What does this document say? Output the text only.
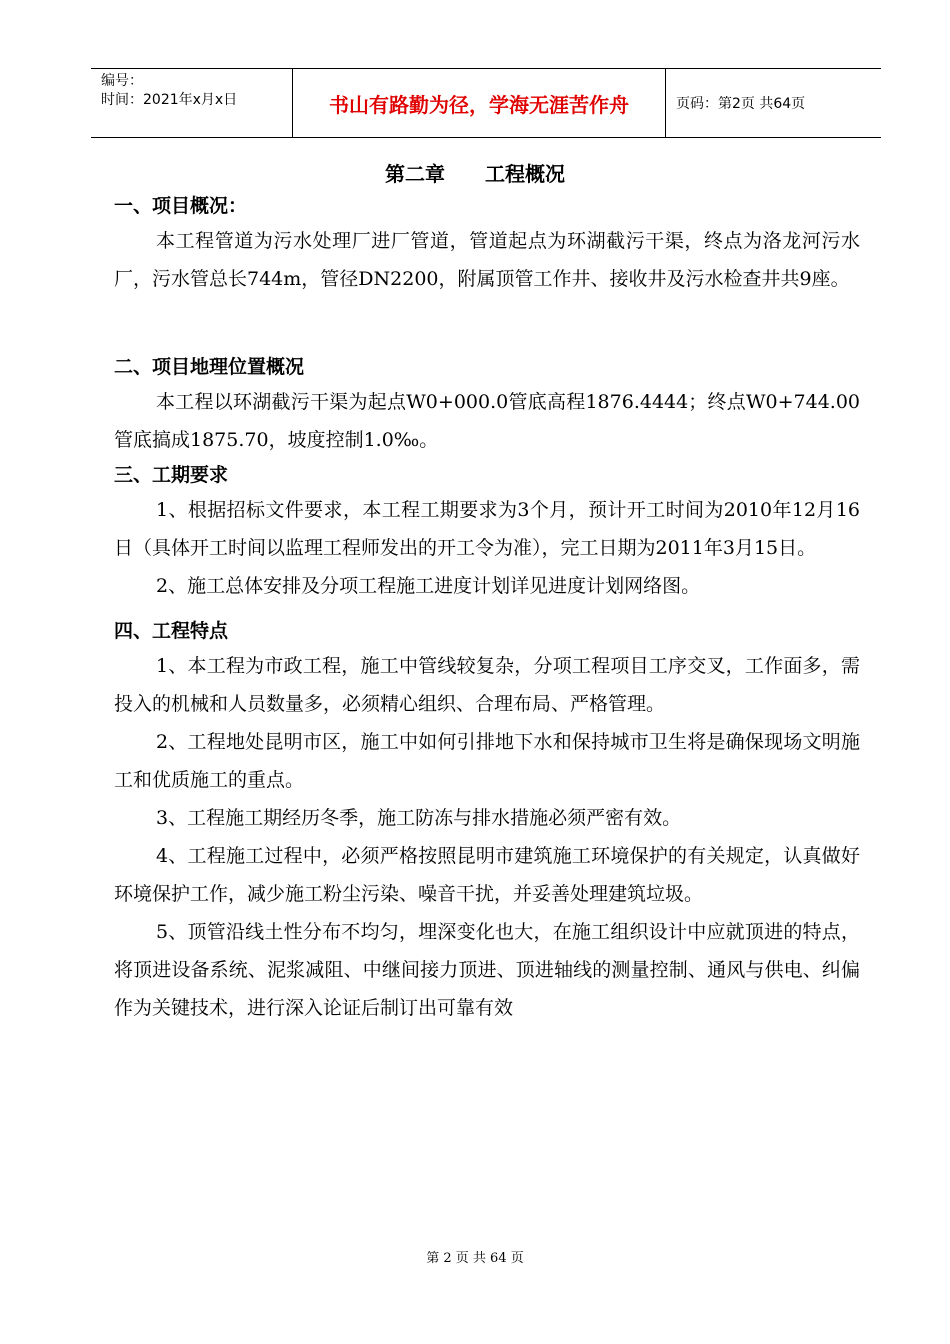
编号：
时间：2021年x月x日	书山有路勤为径，学海无涯苦作舟	页码：第2页 共64页
第二章 工程概况

一、项目概况：

本工程管道为污水处理厂进厂管道，管道起点为环湖截污干渠，终点为洛龙河污水厂，污水管总长744m，管径DN2200，附属顶管工作井、接收井及污水检查井共9座。

二、项目地理位置概况

本工程以环湖截污干渠为起点W0+000.0管底高程1876.4444；终点W0+744.00管底搞成1875.70，坡度控制1.0‰。

三、工期要求

1、根据招标文件要求，本工程工期要求为3个月，预计开工时间为2010年12月16日（具体开工时间以监理工程师发出的开工令为准），完工日期为2011年3月15日。

2、施工总体安排及分项工程施工进度计划详见进度计划网络图。

四、工程特点

1、本工程为市政工程，施工中管线较复杂，分项工程项目工序交叉，工作面多，需投入的机械和人员数量多，必须精心组织、合理布局、严格管理。

2、工程地处昆明市区，施工中如何引排地下水和保持城市卫生将是确保现场文明施工和优质施工的重点。

3、工程施工期经历冬季，施工防冻与排水措施必须严密有效。

4、工程施工过程中，必须严格按照昆明市建筑施工环境保护的有关规定，认真做好环境保护工作，减少施工粉尘污染、噪音干扰，并妥善处理建筑垃圾。

5、顶管沿线土性分布不均匀，埋深变化也大，在施工组织设计中应就顶进的特点，将顶进设备系统、泥浆减阻、中继间接力顶进、顶进轴线的测量控制、通风与供电、纠偏作为关键技术，进行深入论证后制订出可靠有效

第 2 页 共 64 页
